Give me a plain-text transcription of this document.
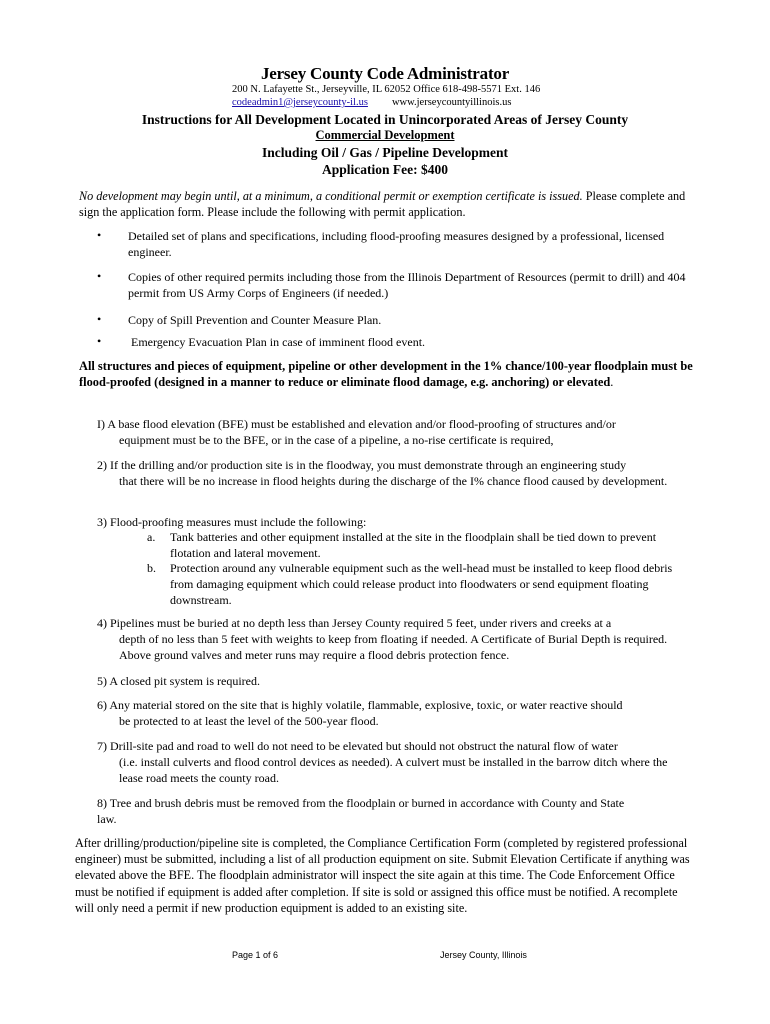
Jersey County Code Administrator
200 N. Lafayette St., Jerseyville, IL 62052 Office 618-498-5571 Ext. 146
codeadmin1@jerseycounty-il.us www.jerseycountyillinois.us
Instructions for All Development Located in Unincorporated Areas of Jersey County
Commercial Development
Including Oil / Gas / Pipeline Development
Application Fee: $400
No development may begin until, at a minimum, a conditional permit or exemption certificate is issued. Please complete and sign the application form. Please include the following with permit application.
• Detailed set of plans and specifications, including flood-proofing measures designed by a professional, licensed engineer.
• Copies of other required permits including those from the Illinois Department of Resources (permit to drill) and 404 permit from US Army Corps of Engineers (if needed.)
• Copy of Spill Prevention and Counter Measure Plan.
• Emergency Evacuation Plan in case of imminent flood event.
All structures and pieces of equipment, pipeline or other development in the 1% chance/100-year floodplain must be flood-proofed (designed in a manner to reduce or eliminate flood damage, e.g. anchoring) or elevated.
I) A base flood elevation (BFE) must be established and elevation and/or flood-proofing of structures and/or
equipment must be to the BFE, or in the case of a pipeline, a no-rise certificate is required,
2) If the drilling and/or production site is in the floodway, you must demonstrate through an engineering study
that there will be no increase in flood heights during the discharge of the I% chance flood caused by development.
3) Flood-proofing measures must include the following:
a. Tank batteries and other equipment installed at the site in the floodplain shall be tied down to prevent flotation and lateral movement.
b. Protection around any vulnerable equipment such as the well-head must be installed to keep flood debris from damaging equipment which could release product into floodwaters or send equipment floating downstream.
4) Pipelines must be buried at no depth less than Jersey County required 5 feet, under rivers and creeks at a
depth of no less than 5 feet with weights to keep from floating if needed. A Certificate of Burial Depth is required. Above ground valves and meter runs may require a flood debris protection fence.
5) A closed pit system is required.
6) Any material stored on the site that is highly volatile, flammable, explosive, toxic, or water reactive should
be protected to at least the level of the 500-year flood.
7) Drill-site pad and road to well do not need to be elevated but should not obstruct the natural flow of water
(i.e. install culverts and flood control devices as needed). A culvert must be installed in the barrow ditch where the lease road meets the county road.
8) Tree and brush debris must be removed from the floodplain or burned in accordance with County and State
law.
After drilling/production/pipeline site is completed, the Compliance Certification Form (completed by registered professional engineer) must be submitted, including a list of all production equipment on site. Submit Elevation Certificate if anything was elevated above the BFE. The floodplain administrator will inspect the site again at this time. The Code Enforcement Office must be notified if equipment is added after completion. If site is sold or assigned this office must be notified. A recomplete will only need a permit if new production equipment is added to an existing site.
Page 1 of 6	Jersey County, Illinois
